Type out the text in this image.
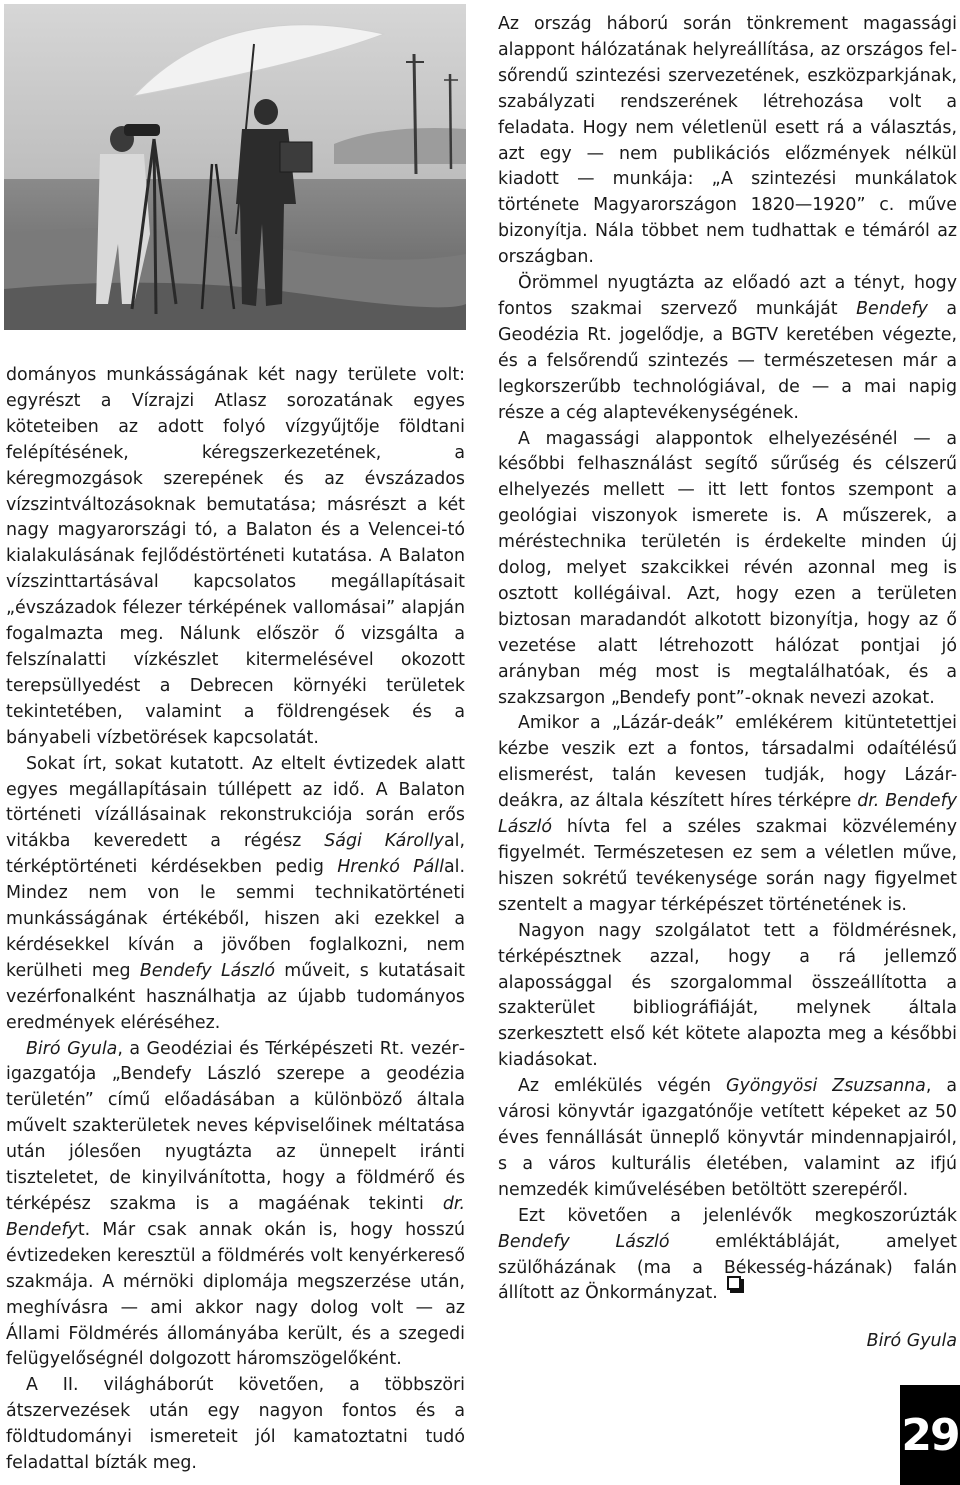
dományos munkásságának két nagy területe volt: egyrészt a Vízrajzi Atlasz sorozatának egyes köteteiben az adott folyó vízgyűjtője földtani felépítésének, kéregszerkezetének, a kéregmozgások szerepének és az évszázados vízszintváltozásoknak bemutatása; másrészt a két nagy magyarországi tó, a Balaton és a Velencei-tó kialakulásának fejlődéstörténeti kutatása. A Balaton vízszinttartásával kapcsolatos megállapításait „évszázadok félezer térképének vallomásai” alapján fogalmazta meg. Nálunk először ő vizsgálta a felszínalatti vízkészlet kitermelésével okozott terepsüllyedést a Debrecen környéki területek tekintetében, valamint a földrengések és a bányabeli vízbetörések kapcsolatát.

Sokat írt, sokat kutatott. Az eltelt évtizedek alatt egyes megállapításain túllépett az idő. A Balaton történeti vízállásainak rekonstrukciója során erős vitákba keveredett a régész Sági Károllyal, térképtörténeti kérdésekben pedig Hrenkó Pállal. Mindez nem von le semmi technikatörténeti munkásságának értékéből, hiszen aki ezekkel a kérdésekkel kíván a jövőben foglalkozni, nem kerülheti meg Bendefy László műveit, s kutatásait vezérfonalként használhatja az újabb tudományos eredmények eléréséhez.

Biró Gyula, a Geodéziai és Térképészeti Rt. vezérigazgatója „Bendefy László szerepe a geodézia területén” című előadásában a különböző általa művelt szakterületek neves képviselőinek méltatása után jólesően nyugtázta az ünnepelt iránti tiszteletet, de kinyilvánította, hogy a földmérő és térképész szakma is a magáénak tekinti dr. Bendefyt. Már csak annak okán is, hogy hosszú évtizedeken keresztül a földmérés volt kenyérkereső szakmája. A mérnöki diplomája megszerzése után, meghívásra — ami akkor nagy dolog volt — az Állami Földmérés állományába került, és a szegedi felügyelőségnél dolgozott háromszögelőként.

A II. világháborút követően, a többszöri átszervezések után egy nagyon fontos és a földtudományi ismereteit jól kamatoztatni tudó feladattal bízták meg.

Az ország háború során tönkrement magassági alappont hálózatának helyreállítása, az országos felsőrendű szintezési szervezetének, eszközparkjának, szabályzati rendszerének létrehozása volt a feladata. Hogy nem véletlenül esett rá a választás, azt egy — nem publikációs előzmények nélkül kiadott — munkája: „A szintezési munkálatok története Magyarországon 1820—1920” c. műve bizonyítja. Nála többet nem tudhattak e témáról az országban.

Örömmel nyugtázta az előadó azt a tényt, hogy fontos szakmai szervező munkáját Bendefy a Geodézia Rt. jogelődje, a BGTV keretében végezte, és a felsőrendű szintezés — természetesen már a legkorszerűbb technológiával, de — a mai napig része a cég alaptevékenységének.

A magassági alappontok elhelyezésénél — a későbbi felhasználást segítő sűrűség és célszerű elhelyezés mellett — itt lett fontos szempont a geológiai viszonyok ismerete is. A műszerek, a méréstechnika területén is érdekelte minden új dolog, melyet szakcikkei révén azonnal meg is osztott kollégáival. Azt, hogy ezen a területen biztosan maradandót alkotott bizonyítja, hogy az ő vezetése alatt létrehozott hálózat pontjai jó arányban még most is megtalálhatóak, és a szakzsargon „Bendefy pont”-oknak nevezi azokat.

Amikor a „Lázár-deák” emlékérem kitüntetettjei kézbe veszik ezt a fontos, társadalmi odaítélésű elismerést, talán kevesen tudják, hogy Lázár-deákra, az általa készített híres térképre dr. Bendefy László hívta fel a széles szakmai közvélemény figyelmét. Természetesen ez sem a véletlen műve, hiszen sokrétű tevékenysége során nagy figyelmet szentelt a magyar térképészet történetének is.

Nagyon nagy szolgálatot tett a földmérésnek, térképésztnek azzal, hogy a rá jellemző alapossággal és szorgalommal összeállította a szakterület bibliográfiáját, melynek általa szerkesztett első két kötete alapozta meg a későbbi kiadásokat.

Az emlékülés végén Gyöngyösi Zsuzsanna, a városi könyvtár igazgatónője vetített képeket az 50 éves fennállását ünneplő könyvtár mindennapjairól, s a város kulturális életében, valamint az ifjú nemzedék kiművelésében betöltött szerepéről.

Ezt követően a jelenlévők megkoszorúzták Bendefy László emléktábláját, amelyet szülőházának (ma a Békesség-házának) falán állított az Önkormányzat.

Biró Gyula

29
